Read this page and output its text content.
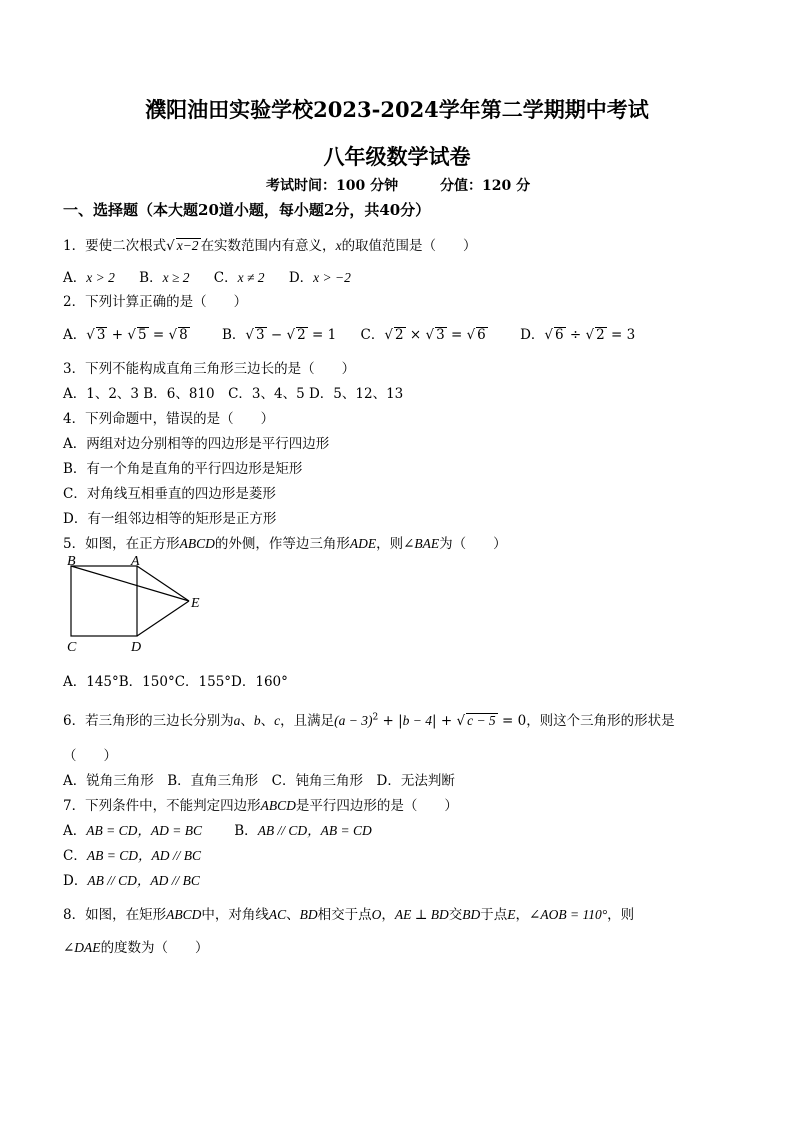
濮阳油田实验学校2023-2024学年第二学期期中考试
八年级数学试卷
考试时间：100 分钟	分值：120 分
一、选择题（本大题20道小题，每小题2分，共40分）
1．要使二次根式√ x−2 在实数范围内有意义，x的取值范围是（　　）
A．x > 2 B．x ≥ 2 C．x ≠ 2 D．x > −2
2．下列计算正确的是（　　）
A．√ 3 + √ 5 = √ 8	B．√ 3 − √ 2 = 1 C．√ 2 × √ 3 = √ 6	D．√ 6 ÷ √ 2 = 3
3．下列不能构成直角三角形三边长的是（　　）
A．1、2、3 B．6、810　C．3、4、5 D．5、12、13
4．下列命题中，错误的是（　　）
A．两组对边分别相等的四边形是平行四边形
B．有一个角是直角的平行四边形是矩形
C．对角线互相垂直的四边形是菱形
D．有一组邻边相等的矩形是正方形
5．如图，在正方形ABCD的外侧，作等边三角形ADE，则∠BAE为（　　）
B	A
E
C	D
A．145°B．150°C．155°D．160°
6．若三角形的三边长分别为a、b、c，且满足$(a - 3)^2 + |b - 4|$ + √ c − 5 = 0，则这个三角形的形状是
（　　）
A．锐角三角形　B．直角三角形　C．钝角三角形　D．无法判断
7．下列条件中，不能判定四边形ABCD是平行四边形的是（　　）
A．AB = CD，AD = BC B．AB // CD，AB = CD
C．AB = CD，AD // BC
D．AB // CD，AD // BC
8．如图，在矩形ABCD中，对角线AC、BD相交于点O，AE ⊥ BD交BD于点E，∠AOB = 110°，则
∠DAE的度数为（　　）
